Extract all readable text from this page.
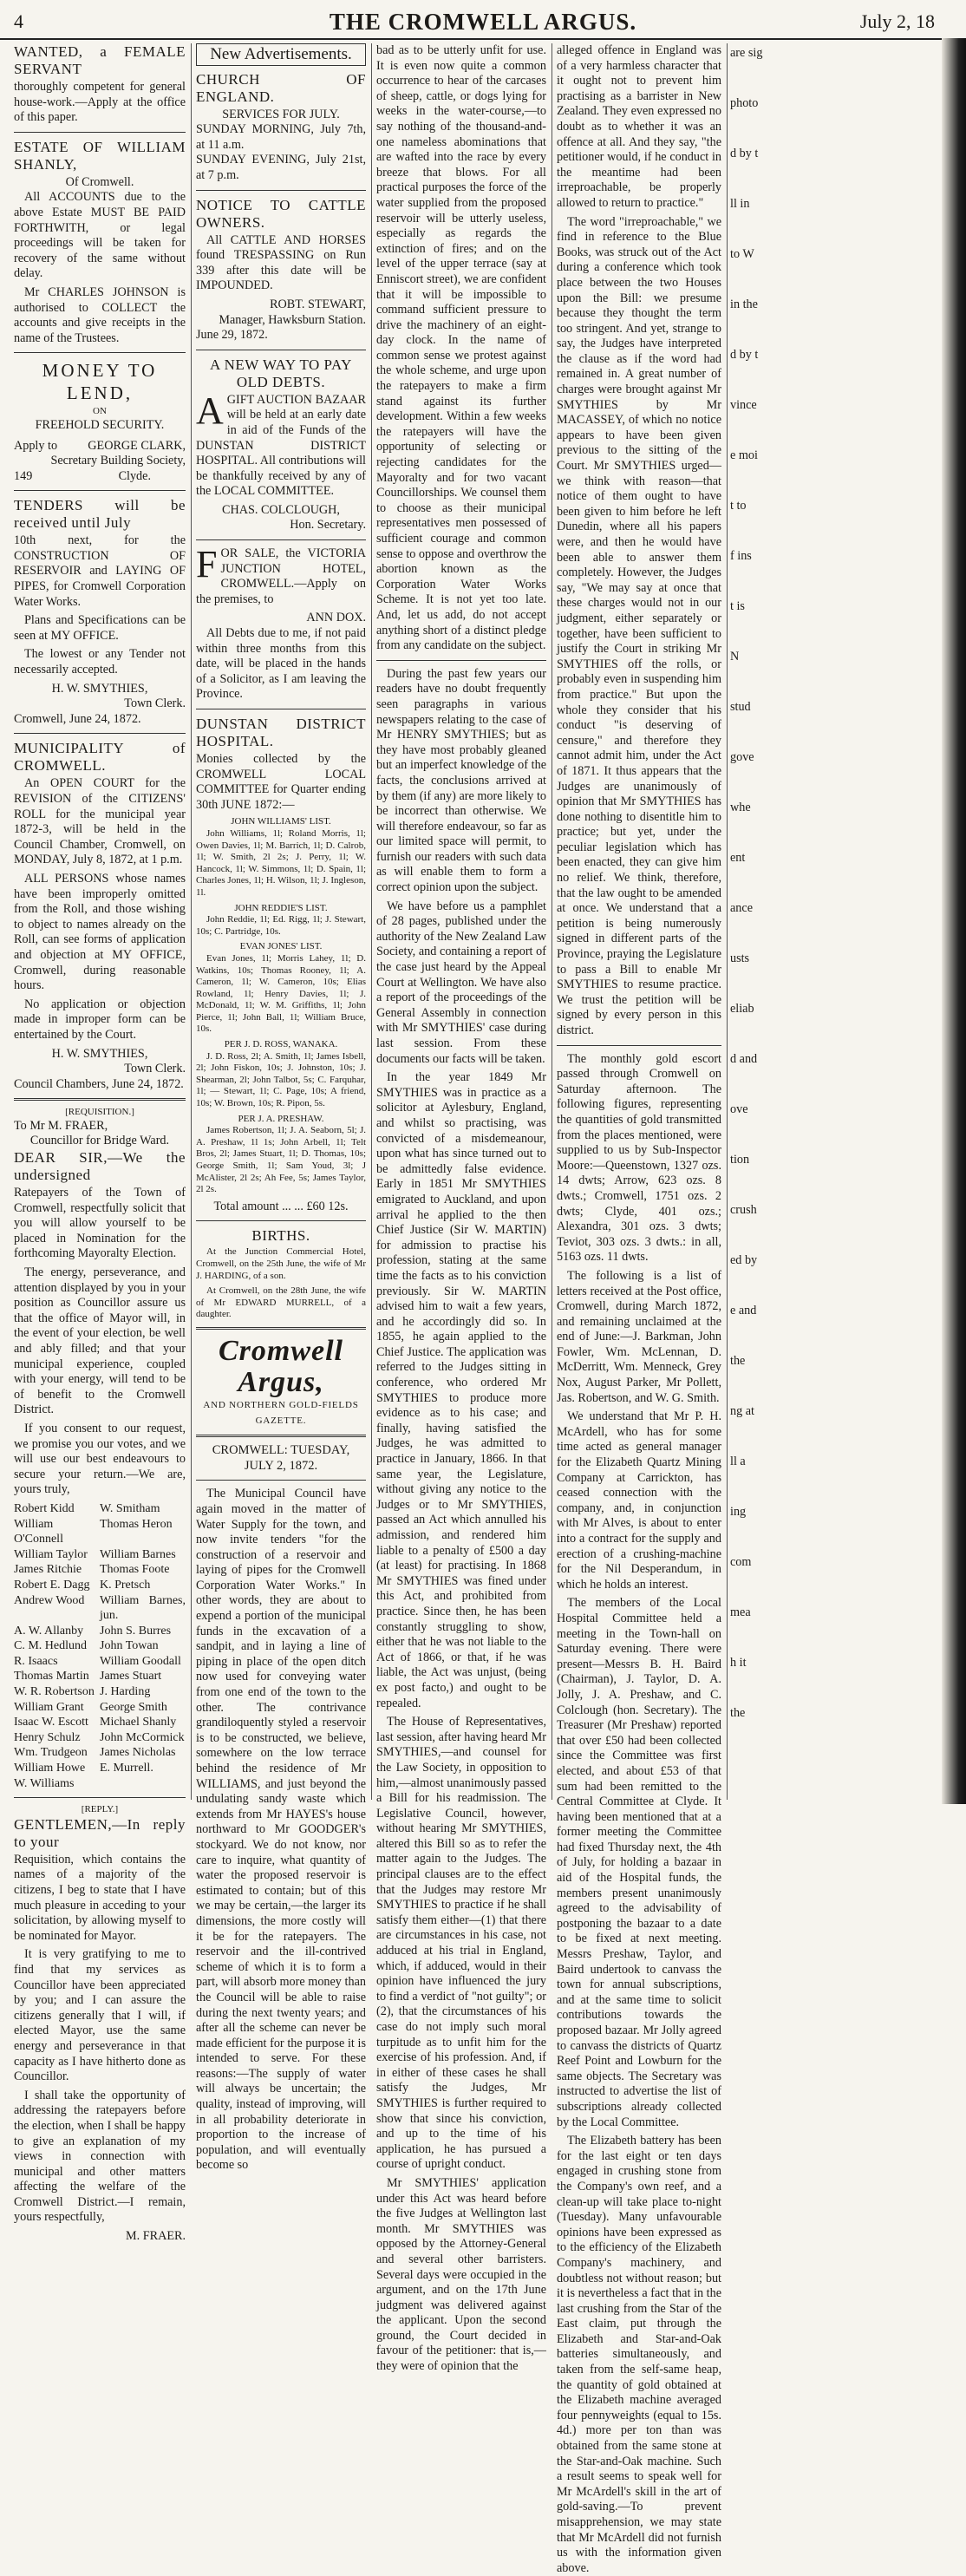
4	THE CROMWELL ARGUS.	July 2, 18
WANTED, a FEMALE SERVANT

thoroughly competent for general house-work.—Apply at the office of this paper.

ESTATE OF WILLIAM SHANLY,
Of Cromwell.

All ACCOUNTS due to the above Estate MUST BE PAID FORTHWITH, or legal proceedings will be taken for recovery of the same without delay.

Mr CHARLES JOHNSON is authorised to COLLECT the accounts and give receipts in the name of the Trustees.

MONEY TO LEND,
ON
FREEHOLD SECURITY.
Apply to GEORGE CLARK,
Secretary Building Society,
149	Clyde.
TENDERS will be received until July

10th next, for the CONSTRUCTION OF RESERVOIR and LAYING OF PIPES, for Cromwell Corporation Water Works.

Plans and Specifications can be seen at MY OFFICE.

The lowest or any Tender not necessarily accepted.

H. W. SMYTHIES,
Town Clerk.
Cromwell, June 24, 1872.
MUNICIPALITY of CROMWELL.

An OPEN COURT for the REVISION of the CITIZENS' ROLL for the municipal year 1872-3, will be held in the Council Chamber, Cromwell, on MONDAY, July 8, 1872, at 1 p.m.

ALL PERSONS whose names have been improperly omitted from the Roll, and those wishing to object to names already on the Roll, can see forms of application and objection at MY OFFICE, Cromwell, during reasonable hours.

No application or objection made in improper form can be entertained by the Court.

H. W. SMYTHIES,
Town Clerk.
Council Chambers, June 24, 1872.
[REQUISITION.]
To Mr M. FRAER,
Councillor for Bridge Ward.
DEAR SIR,—We the undersigned

Ratepayers of the Town of Cromwell, respectfully solicit that you will allow yourself to be placed in Nomination for the forthcoming Mayoralty Election.

The energy, perseverance, and attention displayed by you in your position as Councillor assure us that the office of Mayor will, in the event of your election, be well and ably filled; and that your municipal experience, coupled with your energy, will tend to be of benefit to the Cromwell District.

If you consent to our request, we promise you our votes, and we will use our best endeavours to secure your return.—We are, yours truly,

Robert Kidd	W. Smitham
William O'Connell	Thomas Heron
William Taylor	William Barnes
James Ritchie	Thomas Foote
Robert E. Dagg	K. Pretsch
Andrew Wood	William Barnes, jun.
A. W. Allanby	John S. Burres
C. M. Hedlund	John Towan
R. Isaacs	William Goodall
Thomas Martin	James Stuart
W. R. Robertson	J. Harding
William Grant	George Smith
Isaac W. Escott	Michael Shanly
Henry Schulz	John McCormick
Wm. Trudgeon	James Nicholas
William Howe	E. Murrell.
W. Williams	
[REPLY.]
GENTLEMEN,—In reply to your

Requisition, which contains the names of a majority of the citizens, I beg to state that I have much pleasure in acceding to your solicitation, by allowing myself to be nominated for Mayor.

It is very gratifying to me to find that my services as Councillor have been appreciated by you; and I can assure the citizens generally that I will, if elected Mayor, use the same energy and perseverance in that capacity as I have hitherto done as Councillor.

I shall take the opportunity of addressing the ratepayers before the election, when I shall be happy to give an explanation of my views in connection with municipal and other matters affecting the welfare of the Cromwell District.—I remain, yours respectfully,

M. FRAER.
New Advertisements.
CHURCH OF ENGLAND.
SERVICES FOR JULY.
SUNDAY MORNING, July 7th, at 11 a.m.
SUNDAY EVENING, July 21st, at 7 p.m.
NOTICE TO CATTLE OWNERS.

All CATTLE AND HORSES found TRESPASSING on Run 339 after this date will be IMPOUNDED.

ROBT. STEWART,
Manager, Hawksburn Station.
June 29, 1872.
A NEW WAY TO PAY OLD DEBTS.

AGIFT AUCTION BAZAAR will be held at an early date in aid of the Funds of the DUNSTAN DISTRICT HOSPITAL. All contributions will be thankfully received by any of the LOCAL COMMITTEE.

CHAS. COLCLOUGH,
Hon. Secretary.

FOR SALE, the VICTORIA JUNCTION HOTEL, CROMWELL.—Apply on the premises, to

ANN DOX.

All Debts due to me, if not paid within three months from this date, will be placed in the hands of a Solicitor, as I am leaving the Province.

DUNSTAN DISTRICT HOSPITAL.

Monies collected by the CROMWELL LOCAL COMMITTEE for Quarter ending 30th JUNE 1872:—

JOHN WILLIAMS' LIST.

John Williams, 1l; Roland Morris, 1l; Owen Davies, 1l; M. Barrich, 1l; D. Calrob, 1l; W. Smith, 2l 2s; J. Perry, 1l; W. Hancock, 1l; W. Simmons, 1l; D. Spain, 1l; Charles Jones, 1l; H. Wilson, 1l; J. Ingleson, 1l.

JOHN REDDIE'S LIST.

John Reddie, 1l; Ed. Rigg, 1l; J. Stewart, 10s; C. Partridge, 10s.

EVAN JONES' LIST.

Evan Jones, 1l; Morris Lahey, 1l; D. Watkins, 10s; Thomas Rooney, 1l; A. Cameron, 1l; W. Cameron, 10s; Elias Rowland, 1l; Henry Davies, 1l; J. McDonald, 1l; W. M. Griffiths, 1l; John Pierce, 1l; John Ball, 1l; William Bruce, 10s.

PER J. D. ROSS, WANAKA.

J. D. Ross, 2l; A. Smith, 1l; James Isbell, 2l; John Fiskon, 10s; J. Johnston, 10s; J. Shearman, 2l; John Talbot, 5s; C. Farquhar, 1l; — Stewart, 1l; C. Page, 10s; A friend, 10s; W. Brown, 10s; R. Pipon, 5s.

PER J. A. PRESHAW.

James Robertson, 1l; J. A. Seaborn, 5l; J. A. Preshaw, 1l 1s; John Arbell, 1l; Telt Bros, 2l; James Stuart, 1l; D. Thomas, 10s; George Smith, 1l; Sam Youd, 3l; J McAlister, 2l 2s; Ah Fee, 5s; James Taylor, 2l 2s.

Total amount ... ... £60 12s.
BIRTHS.

At the Junction Commercial Hotel, Cromwell, on the 25th June, the wife of Mr J. HARDING, of a son.

At Cromwell, on the 28th June, the wife of Mr EDWARD MURRELL, of a daughter.

Cromwell Argus,
AND NORTHERN GOLD-FIELDS GAZETTE.
CROMWELL: TUESDAY, JULY 2, 1872.

The Municipal Council have again moved in the matter of Water Supply for the town, and now invite tenders "for the construction of a reservoir and laying of pipes for the Cromwell Corporation Water Works." In other words, they are about to expend a portion of the municipal funds in the excavation of a sandpit, and in laying a line of piping in place of the open ditch now used for conveying water from one end of the town to the other. The contrivance grandiloquently styled a reservoir is to be constructed, we believe, somewhere on the low terrace behind the residence of Mr WILLIAMS, and just beyond the undulating sandy waste which extends from Mr HAYES's house northward to Mr GOODGER's stockyard. We do not know, nor care to inquire, what quantity of water the proposed reservoir is estimated to contain; but of this we may be certain,—the larger its dimensions, the more costly will it be for the ratepayers. The reservoir and the ill-contrived scheme of which it is to form a part, will absorb more money than the Council will be able to raise during the next twenty years; and after all the scheme can never be made efficient for the purpose it is intended to serve. For these reasons:—The supply of water will always be uncertain; the quality, instead of improving, will in all probability deteriorate in proportion to the increase of population, and will eventually become so

bad as to be utterly unfit for use. It is even now quite a common occurrence to hear of the carcases of sheep, cattle, or dogs lying for weeks in the water-course,—to say nothing of the thousand-and-one nameless abominations that are wafted into the race by every breeze that blows. For all practical purposes the force of the water supplied from the proposed reservoir will be utterly useless, especially as regards the extinction of fires; and on the level of the upper terrace (say at Enniscort street), we are confident that it will be impossible to command sufficient pressure to drive the machinery of an eight-day clock. In the name of common sense we protest against the whole scheme, and urge upon the ratepayers to make a firm stand against its further development. Within a few weeks the ratepayers will have the opportunity of selecting or rejecting candidates for the Mayoralty and for two vacant Councillorships. We counsel them to choose as their municipal representatives men possessed of sufficient courage and common sense to oppose and overthrow the abortion known as the Corporation Water Works Scheme. It is not yet too late. And, let us add, do not accept anything short of a distinct pledge from any candidate on the subject.

During the past few years our readers have no doubt frequently seen paragraphs in various newspapers relating to the case of Mr HENRY SMYTHIES; but as they have most probably gleaned but an imperfect knowledge of the facts, the conclusions arrived at by them (if any) are more likely to be incorrect than otherwise. We will therefore endeavour, so far as our limited space will permit, to furnish our readers with such data as will enable them to form a correct opinion upon the subject.

We have before us a pamphlet of 28 pages, published under the authority of the New Zealand Law Society, and containing a report of the case just heard by the Appeal Court at Wellington. We have also a report of the proceedings of the General Assembly in connection with Mr SMYTHIES' case during last session. From these documents our facts will be taken.

In the year 1849 Mr SMYTHIES was in practice as a solicitor at Aylesbury, England, and whilst so practising, was convicted of a misdemeanour, upon what has since turned out to be admittedly false evidence. Early in 1851 Mr SMYTHIES emigrated to Auckland, and upon arrival he applied to the then Chief Justice (Sir W. MARTIN) for admission to practise his profession, stating at the same time the facts as to his conviction previously. Sir W. MARTIN advised him to wait a few years, and he accordingly did so. In 1855, he again applied to the Chief Justice. The application was referred to the Judges sitting in conference, who ordered Mr SMYTHIES to produce more evidence as to his case; and finally, having satisfied the Judges, he was admitted to practice in January, 1866. In that same year, the Legislature, without giving any notice to the Judges or to Mr SMYTHIES, passed an Act which annulled his admission, and rendered him liable to a penalty of £500 a day (at least) for practising. In 1868 Mr SMYTHIES was fined under this Act, and prohibited from practice. Since then, he has been constantly struggling to show, either that he was not liable to the Act of 1866, or that, if he was liable, the Act was unjust, (being ex post facto,) and ought to be repealed.

The House of Representatives, last session, after having heard Mr SMYTHIES,—and counsel for the Law Society, in opposition to him,—almost unanimously passed a Bill for his readmission. The Legislative Council, however, without hearing Mr SMYTHIES, altered this Bill so as to refer the matter again to the Judges. The principal clauses are to the effect that the Judges may restore Mr SMYTHIES to practice if he shall satisfy them either—(1) that there are circumstances in his case, not adduced at his trial in England, which, if adduced, would in their opinion have influenced the jury to find a verdict of "not guilty"; or (2), that the circumstances of his case do not imply such moral turpitude as to unfit him for the exercise of his profession. And, if in either of these cases he shall satisfy the Judges, Mr SMYTHIES is further required to show that since his conviction, and up to the time of his application, he has pursued a course of upright conduct.

Mr SMYTHIES' application under this Act was heard before the five Judges at Wellington last month. Mr SMYTHIES was opposed by the Attorney-General and several other barristers. Several days were occupied in the argument, and on the 17th June judgment was delivered against the applicant. Upon the second ground, the Court decided in favour of the petitioner: that is,—they were of opinion that the

alleged offence in England was of a very harmless character that it ought not to prevent him practising as a barrister in New Zealand. They even expressed no doubt as to whether it was an offence at all. And they say, "the petitioner would, if he conduct in the meantime had been irreproachable, be properly allowed to return to practice."

The word "irreproachable," we find in reference to the Blue Books, was struck out of the Act during a conference which took place between the two Houses upon the Bill: we presume because they thought the term too stringent. And yet, strange to say, the Judges have interpreted the clause as if the word had remained in. A great number of charges were brought against Mr SMYTHIES by Mr MACASSEY, of which no notice appears to have been given previous to the sitting of the Court. Mr SMYTHIES urged—we think with reason—that notice of them ought to have been given to him before he left Dunedin, where all his papers were, and then he would have been able to answer them completely. However, the Judges say, "We may say at once that these charges would not in our judgment, either separately or together, have been sufficient to justify the Court in striking Mr SMYTHIES off the rolls, or probably even in suspending him from practice." But upon the whole they consider that his conduct "is deserving of censure," and therefore they cannot admit him, under the Act of 1871. It thus appears that the Judges are unanimously of opinion that Mr SMYTHIES has done nothing to disentitle him to practice; but yet, under the peculiar legislation which has been enacted, they can give him no relief. We think, therefore, that the law ought to be amended at once. We understand that a petition is being numerously signed in different parts of the Province, praying the Legislature to pass a Bill to enable Mr SMYTHIES to resume practice. We trust the petition will be signed by every person in this district.

The monthly gold escort passed through Cromwell on Saturday afternoon. The following figures, representing the quantities of gold transmitted from the places mentioned, were supplied to us by Sub-Inspector Moore:—Queenstown, 1327 ozs. 14 dwts; Arrow, 623 ozs. 8 dwts.; Cromwell, 1751 ozs. 2 dwts; Clyde, 401 ozs.; Alexandra, 301 ozs. 3 dwts; Teviot, 303 ozs. 3 dwts.: in all, 5163 ozs. 11 dwts.

The following is a list of letters received at the Post office, Cromwell, during March 1872, and remaining unclaimed at the end of June:—J. Barkman, John Fowler, Wm. McLennan, D. McDerritt, Wm. Menneck, Grey Nox, August Parker, Mr Pollett, Jas. Robertson, and W. G. Smith.

We understand that Mr P. H. McArdell, who has for some time acted as general manager for the Elizabeth Quartz Mining Company at Carrickton, has ceased connection with the company, and, in conjunction with Mr Alves, is about to enter into a contract for the supply and erection of a crushing-machine for the Nil Desperandum, in which he holds an interest.

The members of the Local Hospital Committee held a meeting in the Town-hall on Saturday evening. There were present—Messrs B. H. Baird (Chairman), J. Taylor, D. A. Jolly, J. A. Preshaw, and C. Colclough (hon. Secretary). The Treasurer (Mr Preshaw) reported that over £50 had been collected since the Committee was first elected, and about £53 of that sum had been remitted to the Central Committee at Clyde. It having been mentioned that at a former meeting the Committee had fixed Thursday next, the 4th of July, for holding a bazaar in aid of the Hospital funds, the members present unanimously agreed to the advisability of postponing the bazaar to a date to be fixed at next meeting. Messrs Preshaw, Taylor, and Baird undertook to canvass the town for annual subscriptions, and at the same time to solicit contributions towards the proposed bazaar. Mr Jolly agreed to canvass the districts of Quartz Reef Point and Lowburn for the same objects. The Secretary was instructed to advertise the list of subscriptions already collected by the Local Committee.

The Elizabeth battery has been for the last eight or ten days engaged in crushing stone from the Company's own reef, and a clean-up will take place to-night (Tuesday). Many unfavourable opinions have been expressed as to the efficiency of the Elizabeth Company's machinery, and doubtless not without reason; but it is nevertheless a fact that in the last crushing from the Star of the East claim, put through the Elizabeth and Star-and-Oak batteries simultaneously, and taken from the self-same heap, the quantity of gold obtained at the Elizabeth machine averaged four pennyweights (equal to 15s. 4d.) more per ton than was obtained from the same stone at the Star-and-Oak machine. Such a result seems to speak well for Mr McArdell's skill in the art of gold-saving.—To prevent misapprehension, we may state that Mr McArdell did not furnish us with the information given above.

are sig
photo
d by t
ll in
to W
in the
d by t
vince
e moi
t to
f ins
t is
N
stud
gove
whe
ent
ance
usts
eliab
d and
ove
tion
crush
ed by
e and
the
ng at
ll a
ing
com
mea
h it
the
